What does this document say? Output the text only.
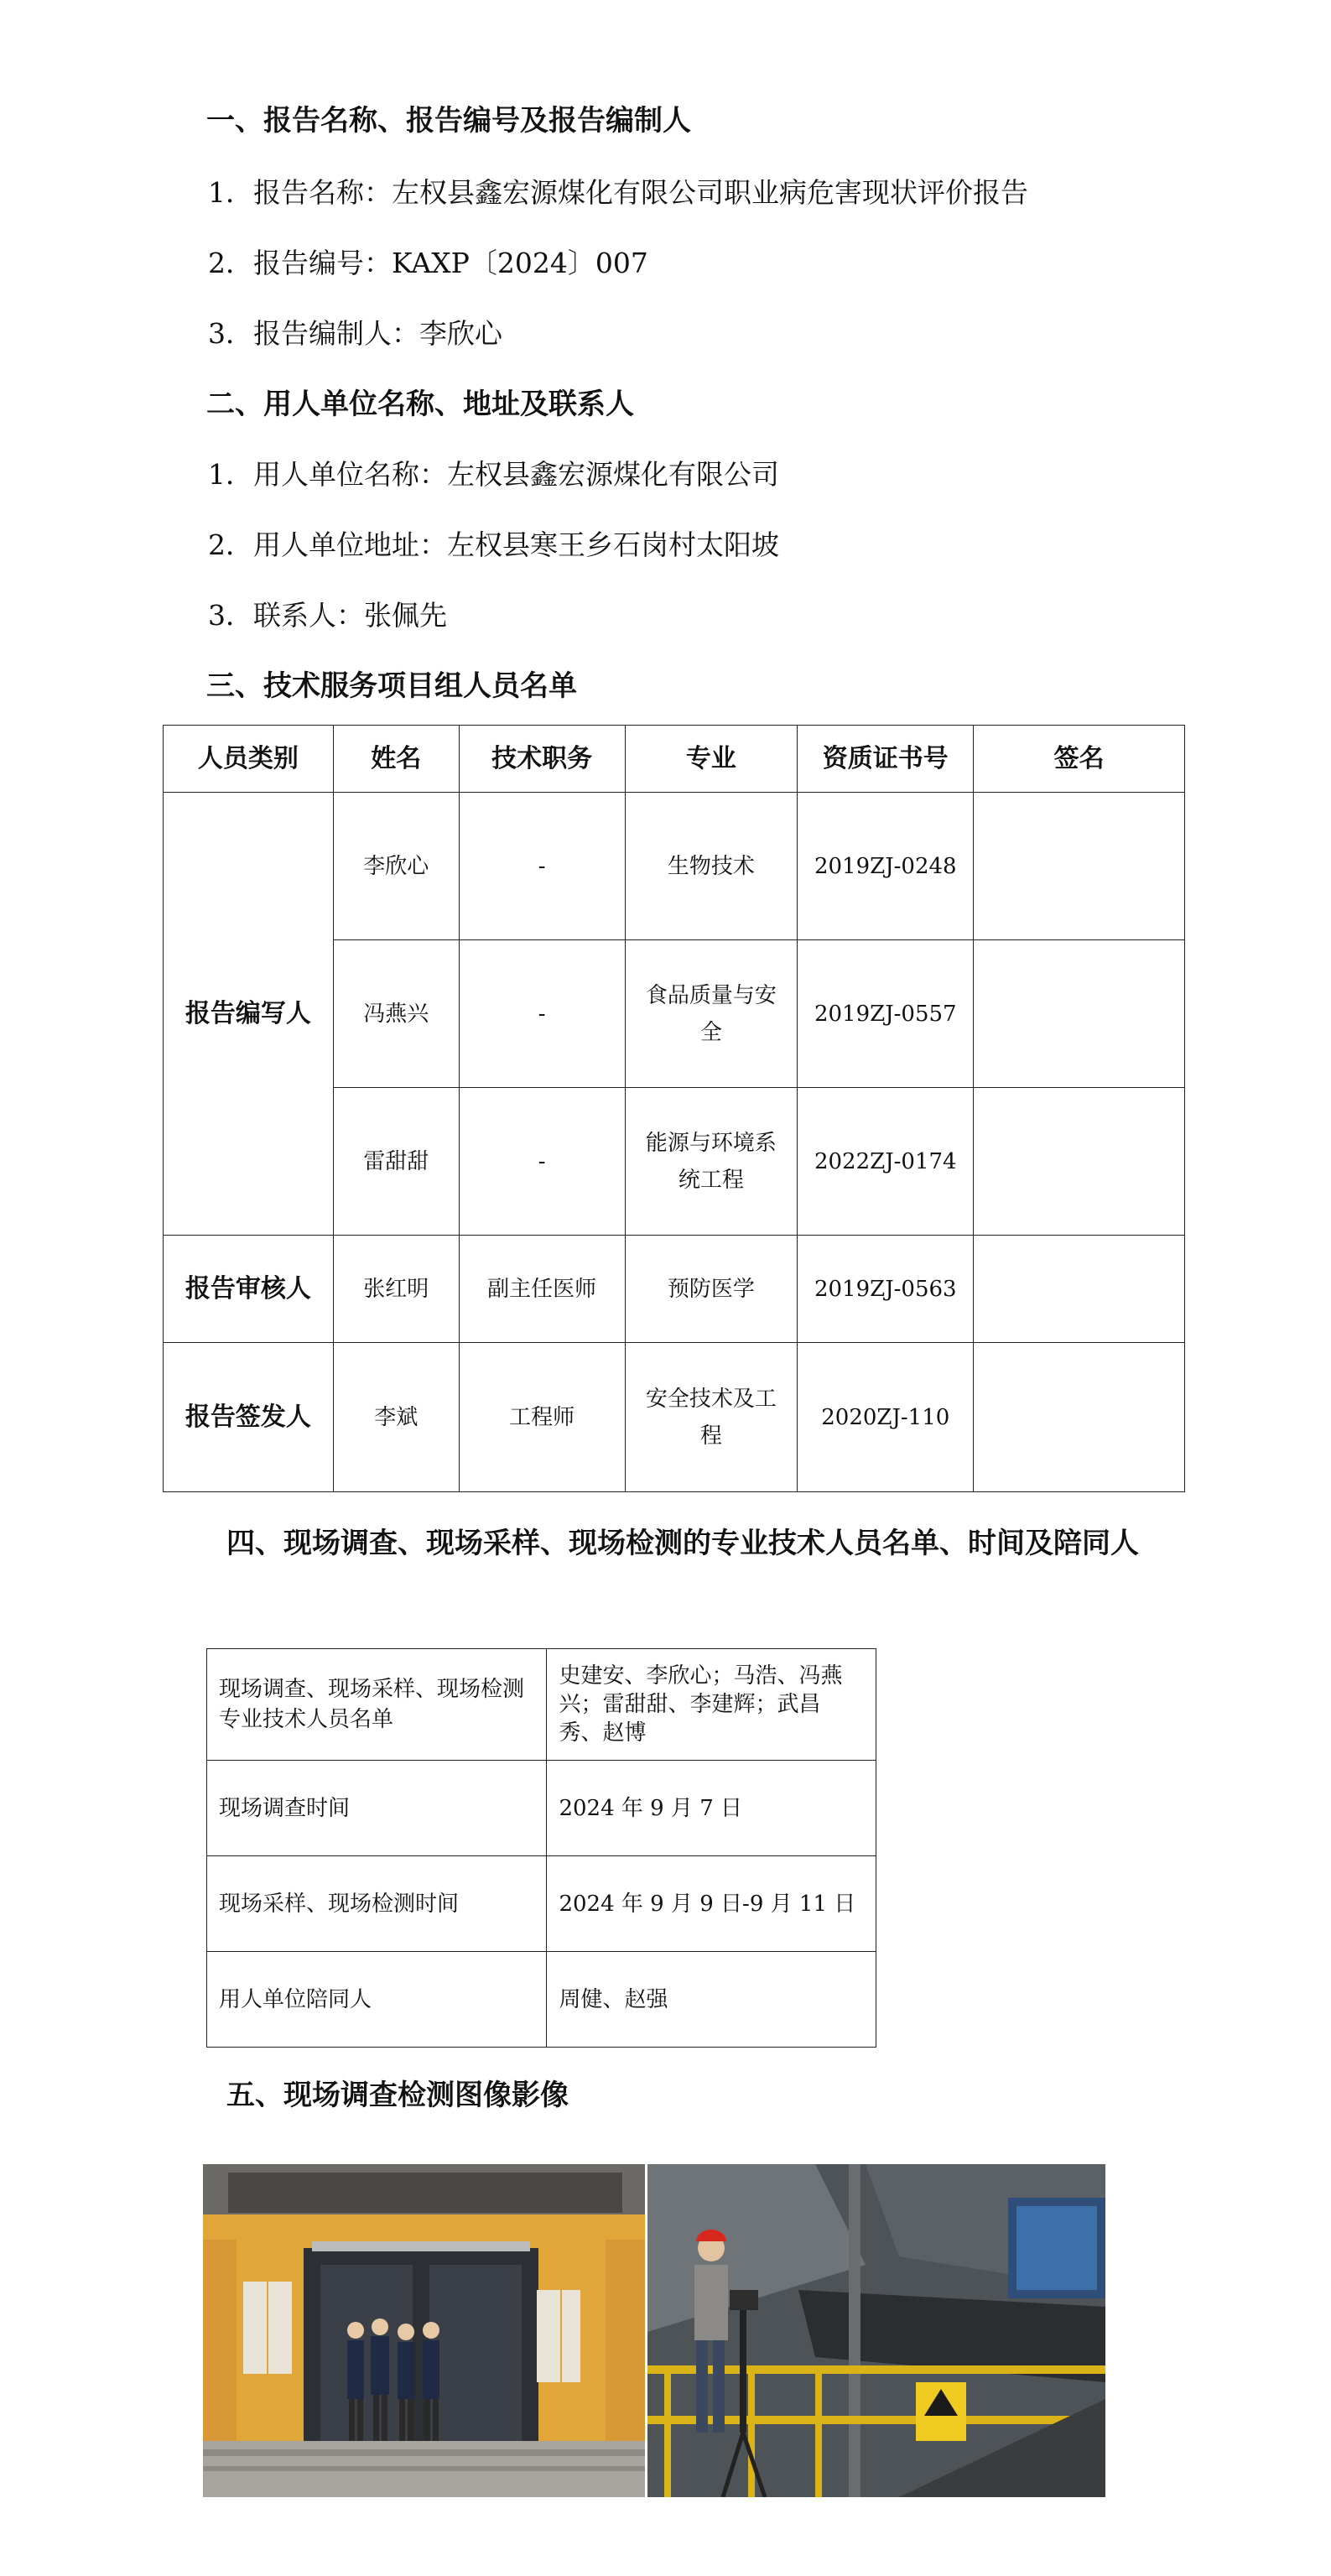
一、报告名称、报告编号及报告编制人
1．报告名称：左权县鑫宏源煤化有限公司职业病危害现状评价报告
2．报告编号：KAXP〔2024〕007
3．报告编制人：李欣心
二、用人单位名称、地址及联系人
1．用人单位名称：左权县鑫宏源煤化有限公司
2．用人单位地址：左权县寒王乡石岗村太阳坡
3．联系人：张佩先
三、技术服务项目组人员名单
人员类别	姓名	技术职务	专业	资质证书号	签名
报告编写人	李欣心	-	生物技术	2019ZJ-0248	
	冯燕兴	-	食品质量与安全	2019ZJ-0557	
	雷甜甜	-	能源与环境系统工程	2022ZJ-0174	
报告审核人	张红明	副主任医师	预防医学	2019ZJ-0563	
报告签发人	李斌	工程师	安全技术及工程	2020ZJ-110	
四、现场调查、现场采样、现场检测的专业技术人员名单、时间及陪同人
现场调查、现场采样、现场检测专业技术人员名单	史建安、李欣心；马浩、冯燕兴；雷甜甜、李建辉；武昌秀、赵博
现场调查时间	2024 年 9 月 7 日
现场采样、现场检测时间	2024 年 9 月 9 日-9 月 11 日
用人单位陪同人	周健、赵强
五、现场调查检测图像影像
